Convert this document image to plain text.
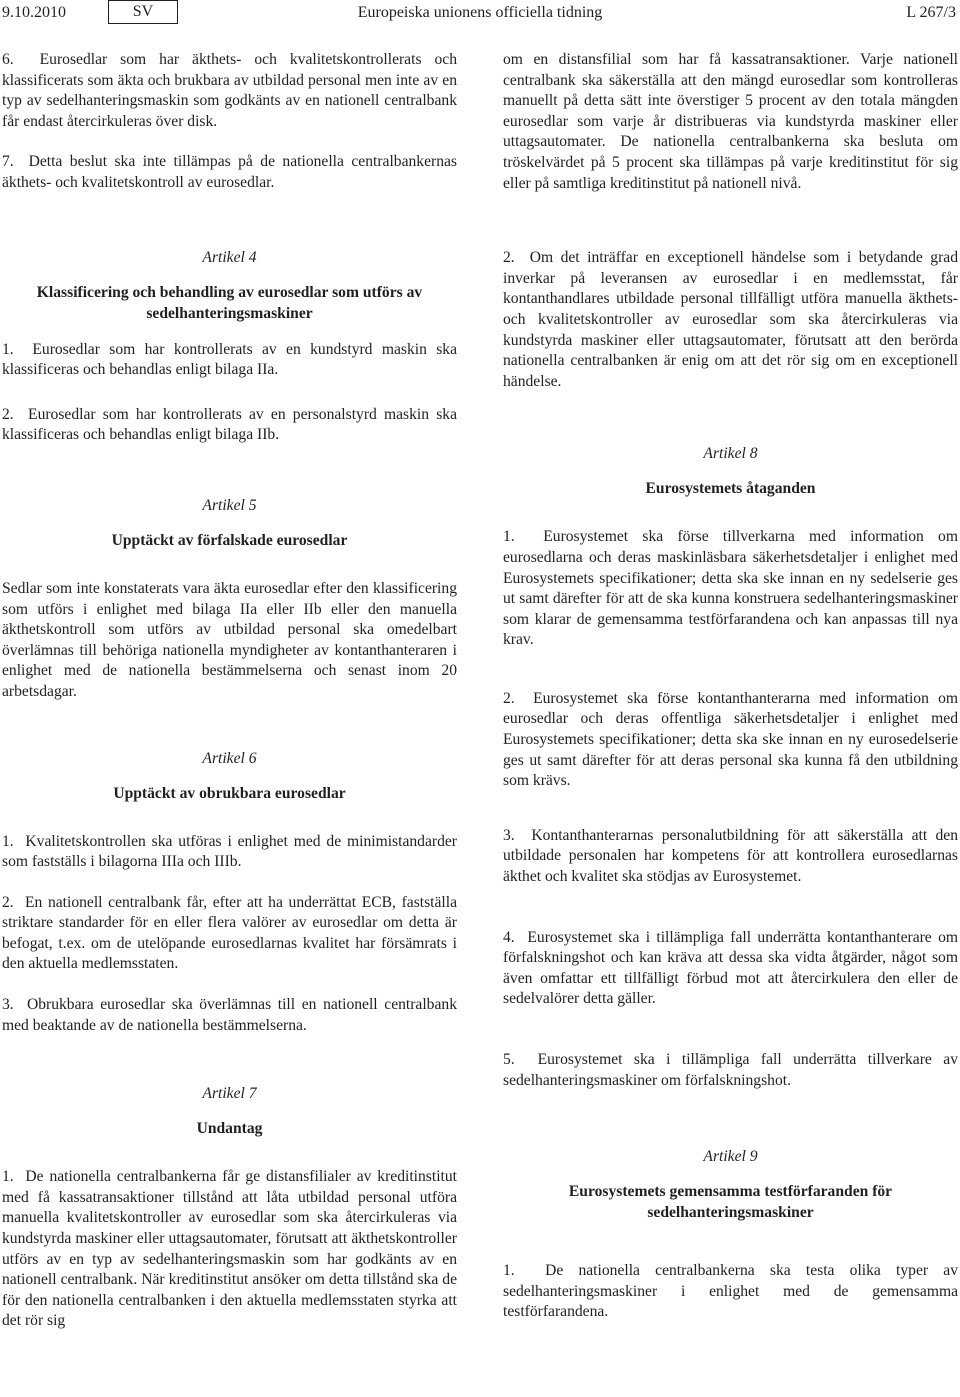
9.10.2010	SV	Europeiska unionens officiella tidning	L 267/3

6.  Eurosedlar som har äkthets- och kvalitetskontrollerats och klassificerats som äkta och brukbara av utbildad personal men inte av en typ av sedelhanteringsmaskin som godkänts av en nationell centralbank får endast återcirkuleras över disk.

7.  Detta beslut ska inte tillämpas på de nationella centralbankernas äkthets- och kvalitetskontroll av eurosedlar.

Artikel 4
Klassificering och behandling av eurosedlar som utförs av sedelhanteringsmaskiner

1.  Eurosedlar som har kontrollerats av en kundstyrd maskin ska klassificeras och behandlas enligt bilaga IIa.

2.  Eurosedlar som har kontrollerats av en personalstyrd maskin ska klassificeras och behandlas enligt bilaga IIb.

Artikel 5
Upptäckt av förfalskade eurosedlar

Sedlar som inte konstaterats vara äkta eurosedlar efter den klassificering som utförs i enlighet med bilaga IIa eller IIb eller den manuella äkthetskontroll som utförs av utbildad personal ska omedelbart överlämnas till behöriga nationella myndigheter av kontanthanteraren i enlighet med de nationella bestämmelserna och senast inom 20 arbetsdagar.

Artikel 6
Upptäckt av obrukbara eurosedlar

1.  Kvalitetskontrollen ska utföras i enlighet med de minimistandarder som fastställs i bilagorna IIIa och IIIb.

2.  En nationell centralbank får, efter att ha underrättat ECB, fastställa striktare standarder för en eller flera valörer av eurosedlar om detta är befogat, t.ex. om de utelöpande eurosedlarnas kvalitet har försämrats i den aktuella medlemsstaten.

3.  Obrukbara eurosedlar ska överlämnas till en nationell centralbank med beaktande av de nationella bestämmelserna.

Artikel 7
Undantag

1.  De nationella centralbankerna får ge distansfilialer av kreditinstitut med få kassatransaktioner tillstånd att låta utbildad personal utföra manuella kvalitetskontroller av eurosedlar som ska återcirkuleras via kundstyrda maskiner eller uttagsautomater, förutsatt att äkthetskontroller utförs av en typ av sedelhanteringsmaskin som har godkänts av en nationell centralbank. När kreditinstitut ansöker om detta tillstånd ska de för den nationella centralbanken i den aktuella medlemsstaten styrka att det rör sig

om en distansfilial som har få kassatransaktioner. Varje nationell centralbank ska säkerställa att den mängd eurosedlar som kontrolleras manuellt på detta sätt inte överstiger 5 procent av den totala mängden eurosedlar som varje år distribueras via kundstyrda maskiner eller uttagsautomater. De nationella centralbankerna ska besluta om tröskelvärdet på 5 procent ska tillämpas på varje kreditinstitut för sig eller på samtliga kreditinstitut på nationell nivå.

2.  Om det inträffar en exceptionell händelse som i betydande grad inverkar på leveransen av eurosedlar i en medlemsstat, får kontanthandlares utbildade personal tillfälligt utföra manuella äkthets- och kvalitetskontroller av eurosedlar som ska återcirkuleras via kundstyrda maskiner eller uttagsautomater, förutsatt att den berörda nationella centralbanken är enig om att det rör sig om en exceptionell händelse.

Artikel 8
Eurosystemets åtaganden

1.  Eurosystemet ska förse tillverkarna med information om eurosedlarna och deras maskinläsbara säkerhetsdetaljer i enlighet med Eurosystemets specifikationer; detta ska ske innan en ny sedelserie ges ut samt därefter för att de ska kunna konstruera sedelhanteringsmaskiner som klarar de gemensamma testförfarandena och kan anpassas till nya krav.

2.  Eurosystemet ska förse kontanthanterarna med information om eurosedlar och deras offentliga säkerhetsdetaljer i enlighet med Eurosystemets specifikationer; detta ska ske innan en ny eurosedelserie ges ut samt därefter för att deras personal ska kunna få den utbildning som krävs.

3.  Kontanthanterarnas personalutbildning för att säkerställa att den utbildade personalen har kompetens för att kontrollera eurosedlarnas äkthet och kvalitet ska stödjas av Eurosystemet.

4.  Eurosystemet ska i tillämpliga fall underrätta kontanthanterare om förfalskningshot och kan kräva att dessa ska vidta åtgärder, något som även omfattar ett tillfälligt förbud mot att återcirkulera den eller de sedelvalörer detta gäller.

5.  Eurosystemet ska i tillämpliga fall underrätta tillverkare av sedelhanteringsmaskiner om förfalskningshot.

Artikel 9
Eurosystemets gemensamma testförfaranden för sedelhanteringsmaskiner

1.  De nationella centralbankerna ska testa olika typer av sedelhanteringsmaskiner i enlighet med de gemensamma testförfarandena.
